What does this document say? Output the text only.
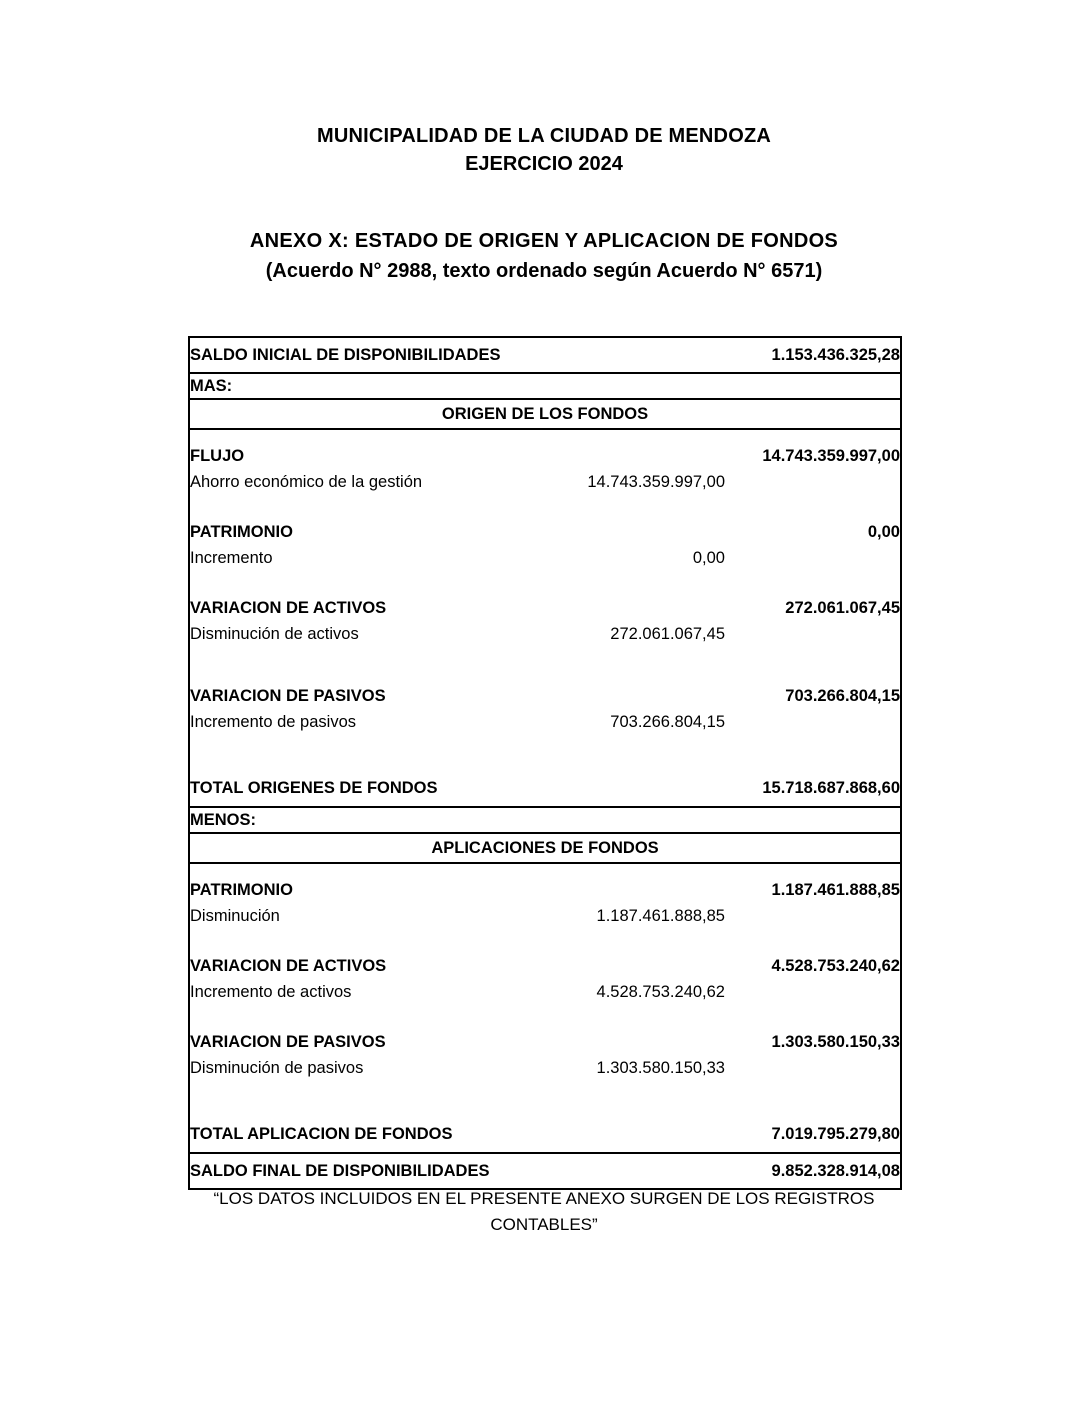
MUNICIPALIDAD DE LA CIUDAD DE MENDOZA
EJERCICIO 2024
ANEXO X: ESTADO DE ORIGEN Y APLICACION DE FONDOS
(Acuerdo N° 2988, texto ordenado según Acuerdo N° 6571)
SALDO INICIAL DE DISPONIBILIDADES		1.153.436.325,28
MAS:		
ORIGEN DE LOS FONDOS		

FLUJO		14.743.359.997,00
Ahorro económico de la gestión	14.743.359.997,00	

PATRIMONIO		0,00
Incremento	0,00	

VARIACION DE ACTIVOS		272.061.067,45
Disminución de activos	272.061.067,45	

VARIACION DE PASIVOS		703.266.804,15
Incremento de pasivos	703.266.804,15	

TOTAL ORIGENES DE FONDOS		15.718.687.868,60
MENOS:		
APLICACIONES DE FONDOS		

PATRIMONIO		1.187.461.888,85
Disminución	1.187.461.888,85	

VARIACION DE ACTIVOS		4.528.753.240,62
Incremento de activos	4.528.753.240,62	

VARIACION DE PASIVOS		1.303.580.150,33
Disminución de pasivos	1.303.580.150,33	

TOTAL APLICACION DE FONDOS		7.019.795.279,80
SALDO FINAL DE DISPONIBILIDADES		9.852.328.914,08
“LOS DATOS INCLUIDOS EN EL PRESENTE ANEXO SURGEN DE LOS REGISTROS
CONTABLES”
